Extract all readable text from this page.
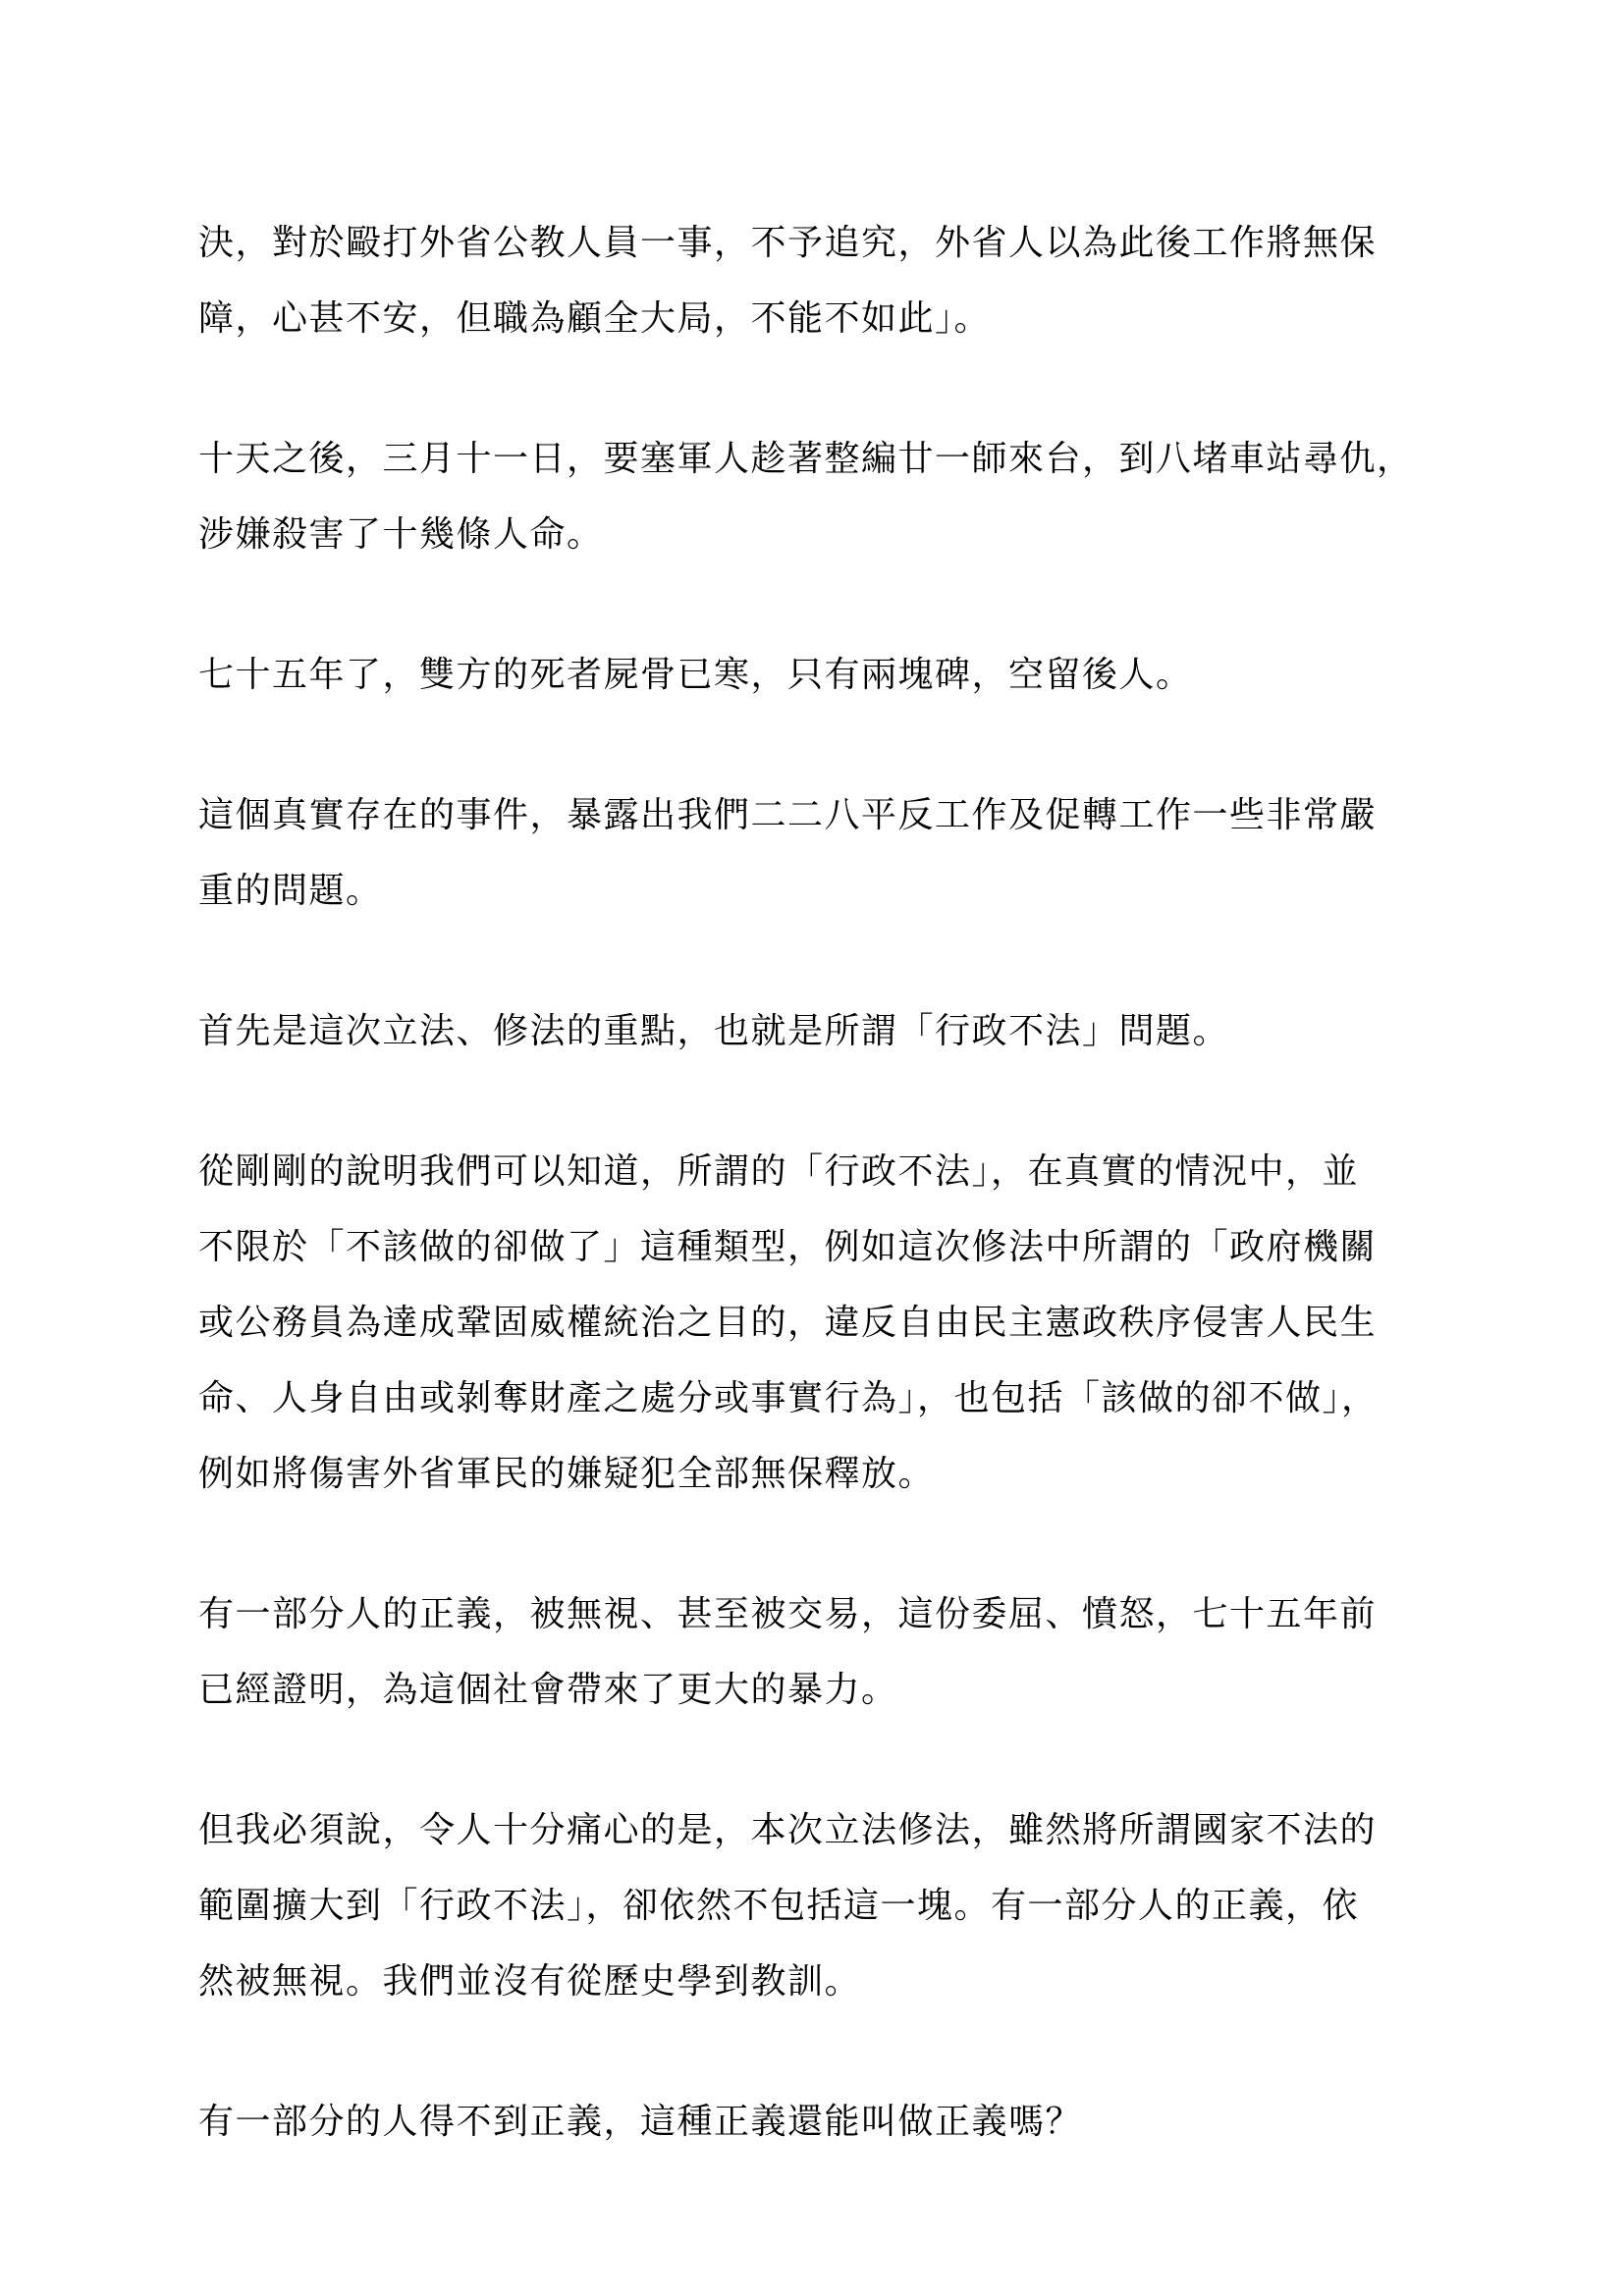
決，對於毆打外省公教人員一事，不予追究，外省人以為此後工作將無保
障，心甚不安，但職為顧全大局，不能不如此」。

十天之後，三月十一日，要塞軍人趁著整編廿一師來台，到八堵車站尋仇，
涉嫌殺害了十幾條人命。

七十五年了，雙方的死者屍骨已寒，只有兩塊碑，空留後人。

這個真實存在的事件，暴露出我們二二八平反工作及促轉工作一些非常嚴
重的問題。

首先是這次立法、修法的重點，也就是所謂「行政不法」問題。

從剛剛的說明我們可以知道，所謂的「行政不法」，在真實的情況中，並
不限於「不該做的卻做了」這種類型，例如這次修法中所謂的「政府機關
或公務員為達成鞏固威權統治之目的，違反自由民主憲政秩序侵害人民生
命、人身自由或剝奪財產之處分或事實行為」，也包括「該做的卻不做」，
例如將傷害外省軍民的嫌疑犯全部無保釋放。

有一部分人的正義，被無視、甚至被交易，這份委屈、憤怒，七十五年前
已經證明，為這個社會帶來了更大的暴力。

但我必須說，令人十分痛心的是，本次立法修法，雖然將所謂國家不法的
範圍擴大到「行政不法」，卻依然不包括這一塊。有一部分人的正義，依
然被無視。我們並沒有從歷史學到教訓。

有一部分的人得不到正義，這種正義還能叫做正義嗎？
